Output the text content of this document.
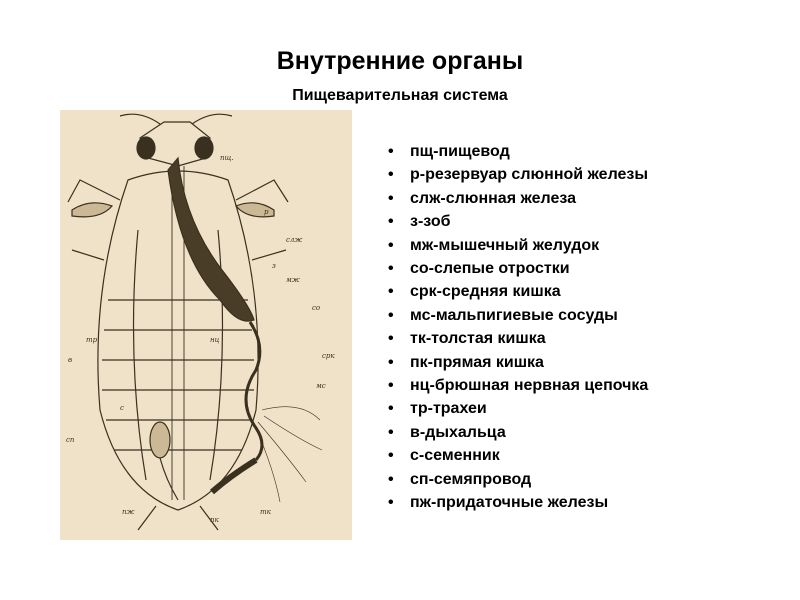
Внутренние органы
Пищеварительная система
пщ.
р
слж
з
мж
со
срк
мс
в
тр	нц
с
сп
пж
пк
тк
• пщ-пищевод
• р-резервуар слюнной железы
• слж-слюнная железа
• з-зоб
• мж-мышечный желудок
• со-слепые отростки
• срк-средняя кишка
• мс-мальпигиевые сосуды
• тк-толстая кишка
• пк-прямая кишка
• нц-брюшная нервная цепочка
• тр-трахеи
• в-дыхальца
• с-семенник
• сп-семяпровод
• пж-придаточные железы
